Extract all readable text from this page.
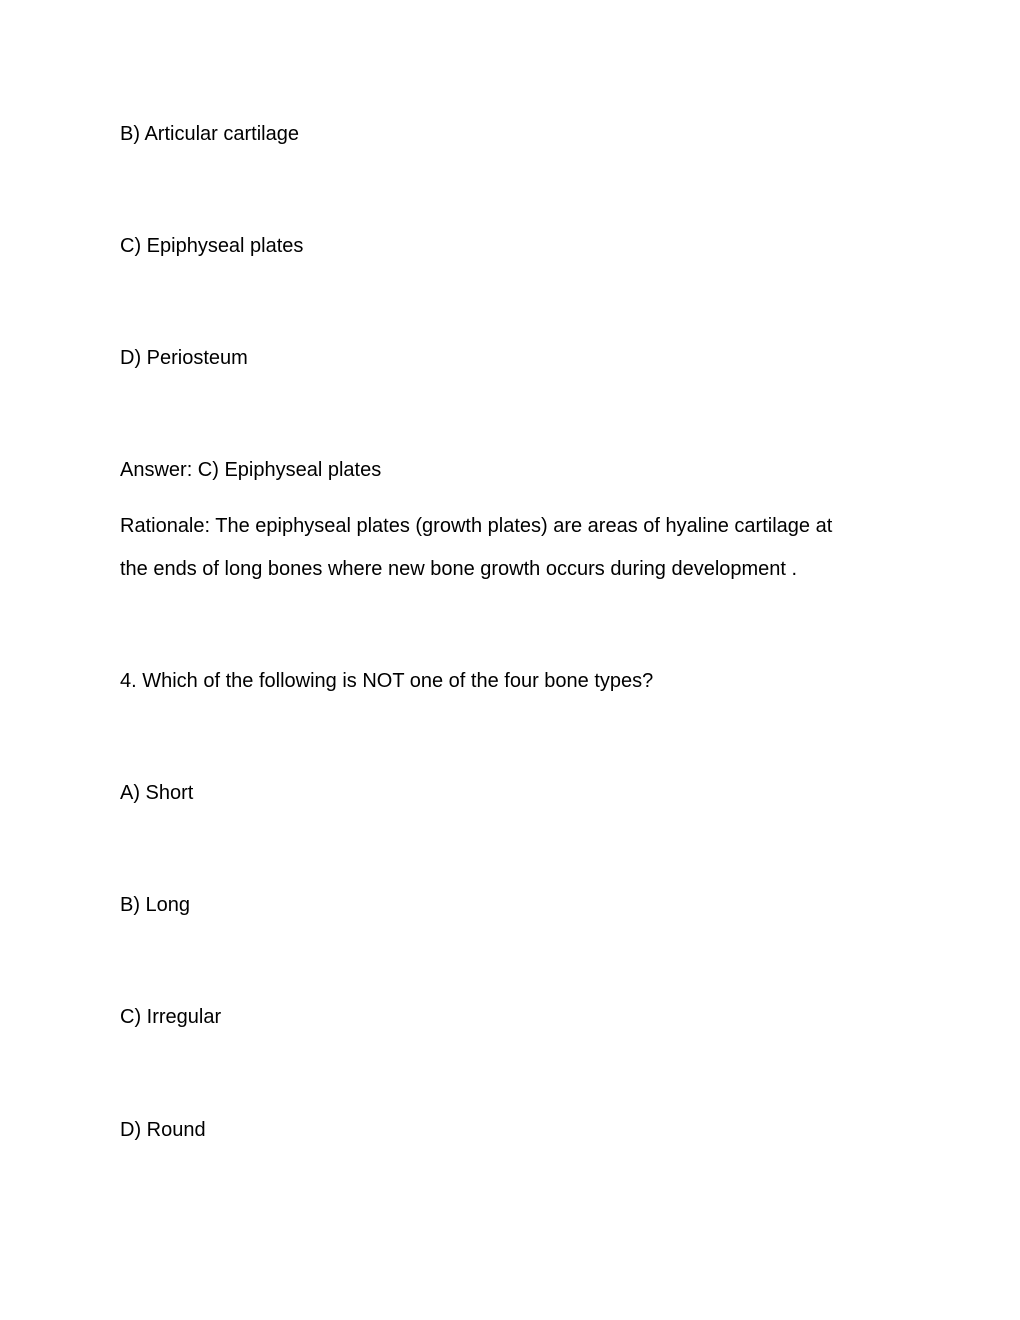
B) Articular cartilage

C) Epiphyseal plates

D) Periosteum

Answer: C) Epiphyseal plates

Rationale: The epiphyseal plates (growth plates) are areas of hyaline cartilage at
the ends of long bones where new bone growth occurs during development .

4. Which of the following is NOT one of the four bone types?

A) Short

B) Long

C) Irregular

D) Round
